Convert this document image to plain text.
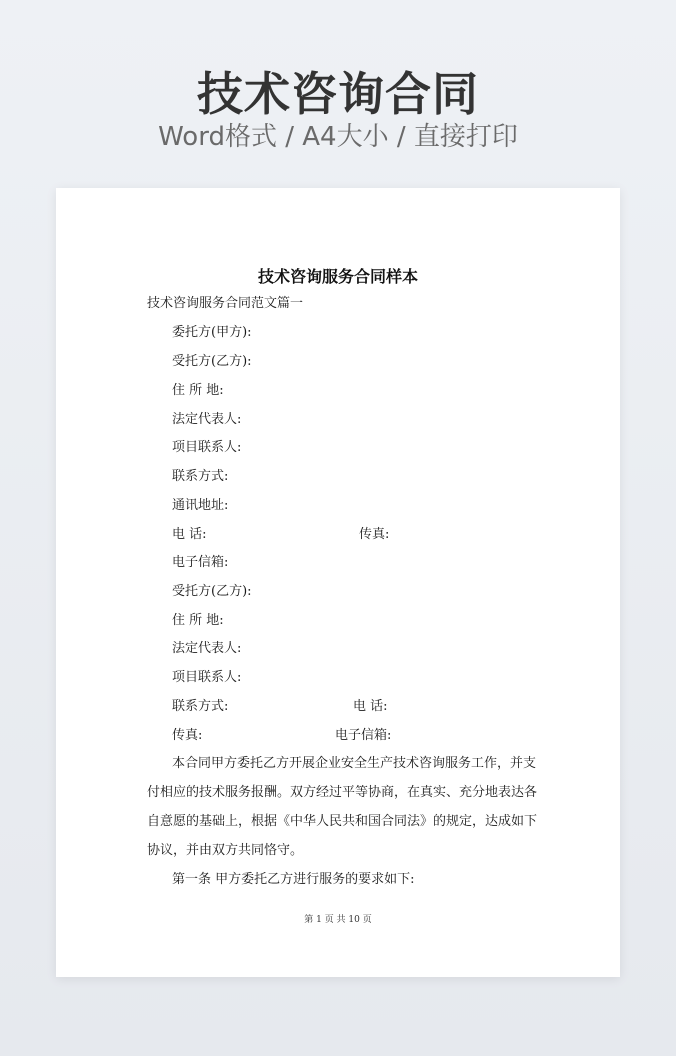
技术咨询合同
Word格式 / A4大小 / 直接打印
技术咨询服务合同样本
技术咨询服务合同范文篇一
委托方(甲方):
受托方(乙方):
住 所 地:
法定代表人:
项目联系人:
联系方式:
通讯地址:
电 话:	传真:
电子信箱:
受托方(乙方):
住 所 地:
法定代表人:
项目联系人:
联系方式:	电 话:
传真:	电子信箱:
本合同甲方委托乙方开展企业安全生产技术咨询服务工作，并支
付相应的技术服务报酬。双方经过平等协商，在真实、充分地表达各
自意愿的基础上，根据《中华人民共和国合同法》的规定，达成如下
协议，并由双方共同恪守。
第一条 甲方委托乙方进行服务的要求如下:
第 1 页 共 10 页
